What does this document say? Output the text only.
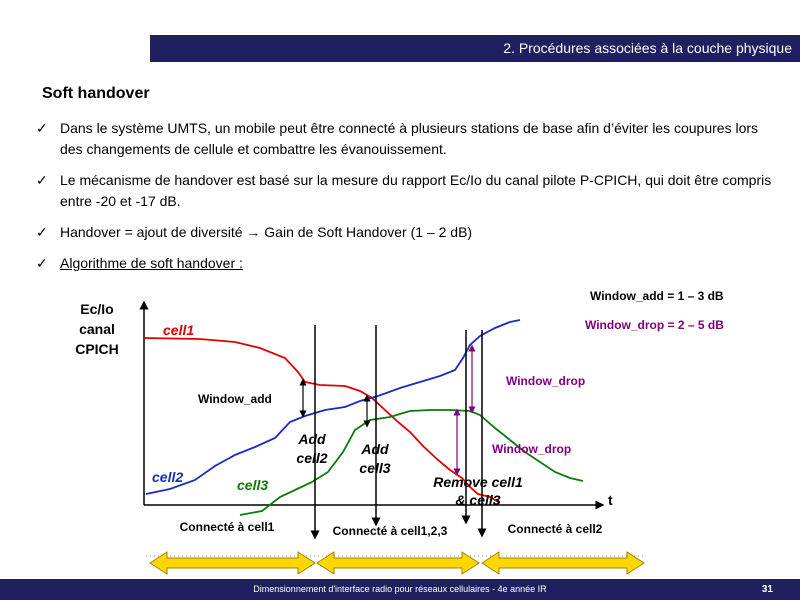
2. Procédures associées à la couche physique
Soft handover
✓ Dans le système UMTS, un mobile peut être connecté à plusieurs stations de base afin d’éviter les coupures lors des changements de cellule et combattre les évanouissement.
✓ Le mécanisme de handover est basé sur la mesure du rapport Ec/Io du canal pilote P-CPICH, qui doit être compris entre -20 et -17 dB.
✓ Handover = ajout de diversité → Gain de Soft Handover (1 – 2 dB)
✓ Algorithme de soft handover :
Ec/Io
canal
CPICH
t
cell1
cell2	cell3
Window_add = 1 – 3 dB
Window_drop = 2 – 5 dB
Window_add
Window_drop
Window_drop
Add
cell2
Add
cell3
Remove cell1
& cell3
Connecté à cell1	Connecté à cell1,2,3	Connecté à cell2
Dimensionnement d'interface radio pour réseaux cellulaires - 4e année IR	31
